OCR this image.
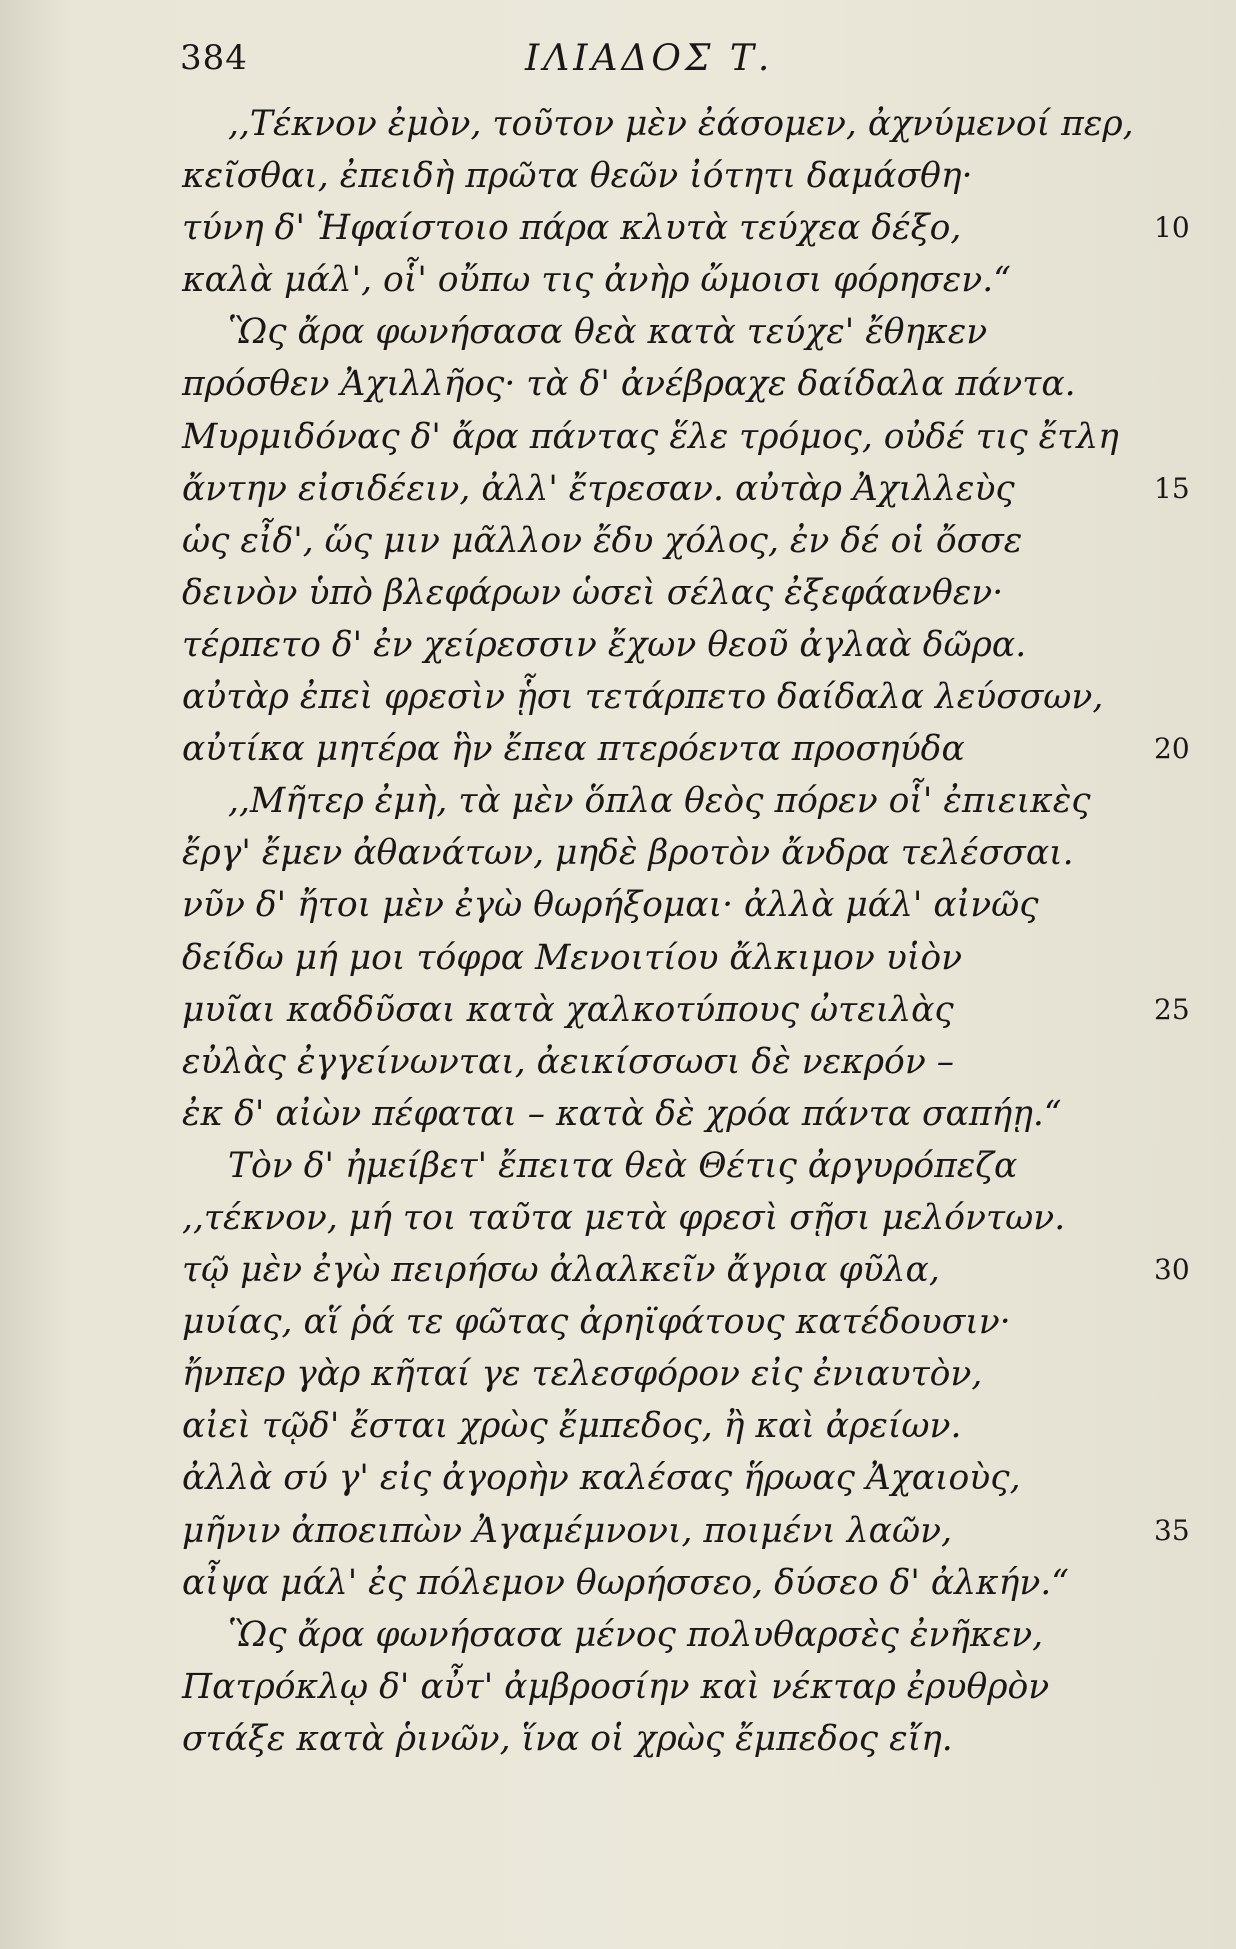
384	ΙΛΙΑΔΟΣ Τ.
,,Τέκνον ἐμὸν, τοῦτον μὲν ἐάσομεν, ἀχνύμενοί περ,
κεῖσθαι, ἐπειδὴ πρῶτα θεῶν ἰότητι δαμάσθη·
τύνη δ' Ἡφαίστοιο πάρα κλυτὰ τεύχεα δέξο,	10
καλὰ μάλ', οἷ' οὔπω τις ἀνὴρ ὤμοισι φόρησεν.“
Ὣς ἄρα φωνήσασα θεὰ κατὰ τεύχε' ἔθηκεν
πρόσθεν Ἀχιλλῆος· τὰ δ' ἀνέβραχε δαίδαλα πάντα.
Μυρμιδόνας δ' ἄρα πάντας ἕλε τρόμος, οὐδέ τις ἔτλη
ἄντην εἰσιδέειν, ἀλλ' ἔτρεσαν. αὐτὰρ Ἀχιλλεὺς	15
ὡς εἶδ', ὥς μιν μᾶλλον ἔδυ χόλος, ἐν δέ οἱ ὄσσε
δεινὸν ὑπὸ βλεφάρων ὡσεὶ σέλας ἐξεφάανθεν·
τέρπετο δ' ἐν χείρεσσιν ἔχων θεοῦ ἀγλαὰ δῶρα.
αὐτὰρ ἐπεὶ φρεσὶν ᾗσι τετάρπετο δαίδαλα λεύσσων,
αὐτίκα μητέρα ἣν ἔπεα πτερόεντα προσηύδα	20
,,Μῆτερ ἐμὴ, τὰ μὲν ὅπλα θεὸς πόρεν οἷ' ἐπιεικὲς
ἔργ' ἔμεν ἀθανάτων, μηδὲ βροτὸν ἄνδρα τελέσσαι.
νῦν δ' ἤτοι μὲν ἐγὼ θωρήξομαι· ἀλλὰ μάλ' αἰνῶς
δείδω μή μοι τόφρα Μενοιτίου ἄλκιμον υἱὸν
μυῖαι καδδῦσαι κατὰ χαλκοτύπους ὠτειλὰς	25
εὐλὰς ἐγγείνωνται, ἀεικίσσωσι δὲ νεκρόν –
ἐκ δ' αἰὼν πέφαται – κατὰ δὲ χρόα πάντα σαπήῃ.“
Τὸν δ' ἠμείβετ' ἔπειτα θεὰ Θέτις ἀργυρόπεζα
,,τέκνον, μή τοι ταῦτα μετὰ φρεσὶ σῇσι μελόντων.
τῷ μὲν ἐγὼ πειρήσω ἀλαλκεῖν ἄγρια φῦλα,	30
μυίας, αἵ ῥά τε φῶτας ἀρηϊφάτους κατέδουσιν·
ἤνπερ γὰρ κῆταί γε τελεσφόρον εἰς ἐνιαυτὸν,
αἰεὶ τῷδ' ἔσται χρὼς ἔμπεδος, ἢ καὶ ἀρείων.
ἀλλὰ σύ γ' εἰς ἀγορὴν καλέσας ἥρωας Ἀχαιοὺς,
μῆνιν ἀποειπὼν Ἀγαμέμνονι, ποιμένι λαῶν,	35
αἶψα μάλ' ἐς πόλεμον θωρήσσεο, δύσεο δ' ἀλκήν.“
Ὣς ἄρα φωνήσασα μένος πολυθαρσὲς ἐνῆκεν,
Πατρόκλῳ δ' αὖτ' ἀμβροσίην καὶ νέκταρ ἐρυθρὸν
στάξε κατὰ ῥινῶν, ἵνα οἱ χρὼς ἔμπεδος εἴη.
